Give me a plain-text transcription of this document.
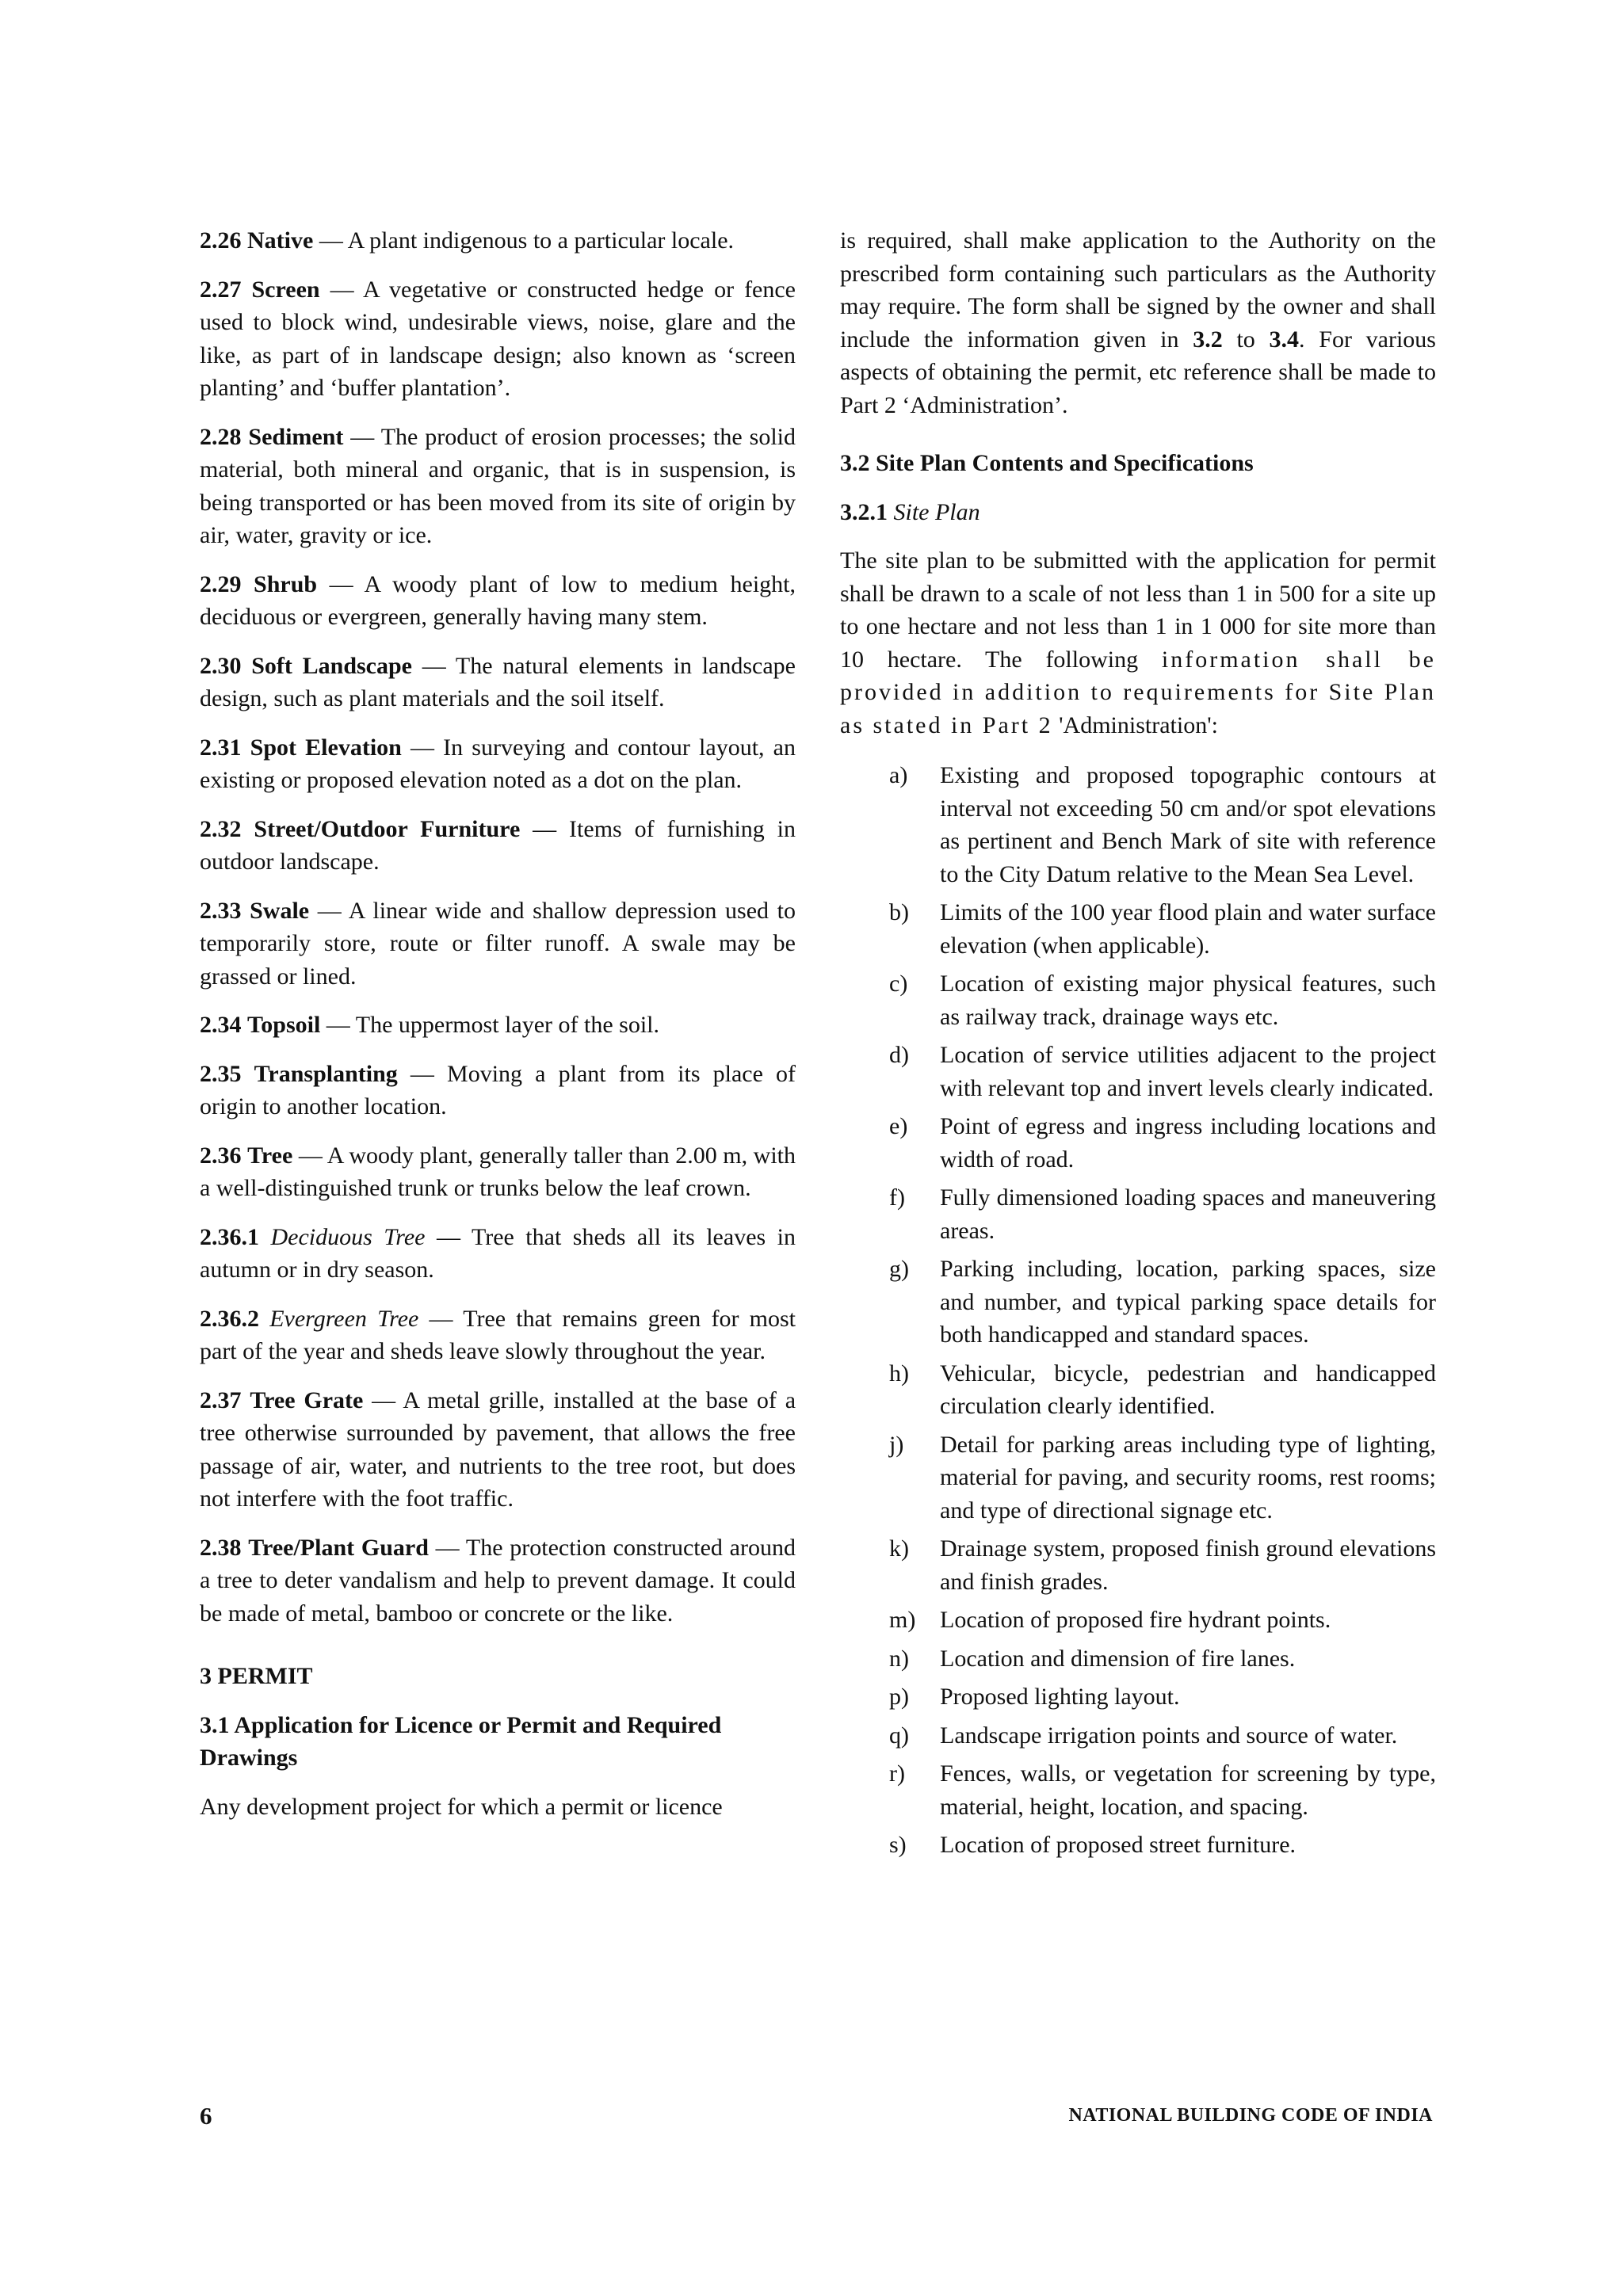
2.26 Native — A plant indigenous to a particular locale.

2.27 Screen — A vegetative or constructed hedge or fence used to block wind, undesirable views, noise, glare and the like, as part of in landscape design; also known as ‘screen planting’ and ‘buffer plantation’.

2.28 Sediment — The product of erosion processes; the solid material, both mineral and organic, that is in suspension, is being transported or has been moved from its site of origin by air, water, gravity or ice.

2.29 Shrub — A woody plant of low to medium height, deciduous or evergreen, generally having many stem.

2.30 Soft Landscape — The natural elements in landscape design, such as plant materials and the soil itself.

2.31 Spot Elevation — In surveying and contour layout, an existing or proposed elevation noted as a dot on the plan.

2.32 Street/Outdoor Furniture — Items of furnishing in outdoor landscape.

2.33 Swale — A linear wide and shallow depression used to temporarily store, route or filter runoff. A swale may be grassed or lined.

2.34 Topsoil — The uppermost layer of the soil.

2.35 Transplanting — Moving a plant from its place of origin to another location.

2.36 Tree — A woody plant, generally taller than 2.00 m, with a well-distinguished trunk or trunks below the leaf crown.

2.36.1 Deciduous Tree — Tree that sheds all its leaves in autumn or in dry season.

2.36.2 Evergreen Tree — Tree that remains green for most part of the year and sheds leave slowly throughout the year.

2.37 Tree Grate — A metal grille, installed at the base of a tree otherwise surrounded by pavement, that allows the free passage of air, water, and nutrients to the tree root, but does not interfere with the foot traffic.

2.38 Tree/Plant Guard — The protection constructed around a tree to deter vandalism and help to prevent damage. It could be made of metal, bamboo or concrete or the like.

3 PERMIT

3.1 Application for Licence or Permit and Required Drawings

Any development project for which a permit or licence

is required, shall make application to the Authority on the prescribed form containing such particulars as the Authority may require. The form shall be signed by the owner and shall include the information given in 3.2 to 3.4. For various aspects of obtaining the permit, etc reference shall be made to Part 2 ‘Administration’.

3.2 Site Plan Contents and Specifications

3.2.1 Site Plan

The site plan to be submitted with the application for permit shall be drawn to a scale of not less than 1 in 500 for a site up to one hectare and not less than 1 in 1 000 for site more than 10 hectare. The following information shall be provided in addition to requirements for Site Plan as stated in Part 2 'Administration':

a) Existing and proposed topographic contours at interval not exceeding 50 cm and/or spot elevations as pertinent and Bench Mark of site with reference to the City Datum relative to the Mean Sea Level.
b) Limits of the 100 year flood plain and water surface elevation (when applicable).
c) Location of existing major physical features, such as railway track, drainage ways etc.
d) Location of service utilities adjacent to the project with relevant top and invert levels clearly indicated.
e) Point of egress and ingress including locations and width of road.
f) Fully dimensioned loading spaces and maneuvering areas.
g) Parking including, location, parking spaces, size and number, and typical parking space details for both handicapped and standard spaces.
h) Vehicular, bicycle, pedestrian and handicapped circulation clearly identified.
j) Detail for parking areas including type of lighting, material for paving, and security rooms, rest rooms; and type of directional signage etc.
k) Drainage system, proposed finish ground elevations and finish grades.
m) Location of proposed fire hydrant points.
n) Location and dimension of fire lanes.
p) Proposed lighting layout.
q) Landscape irrigation points and source of water.
r) Fences, walls, or vegetation for screening by type, material, height, location, and spacing.
s) Location of proposed street furniture.
6	NATIONAL BUILDING CODE OF INDIA
